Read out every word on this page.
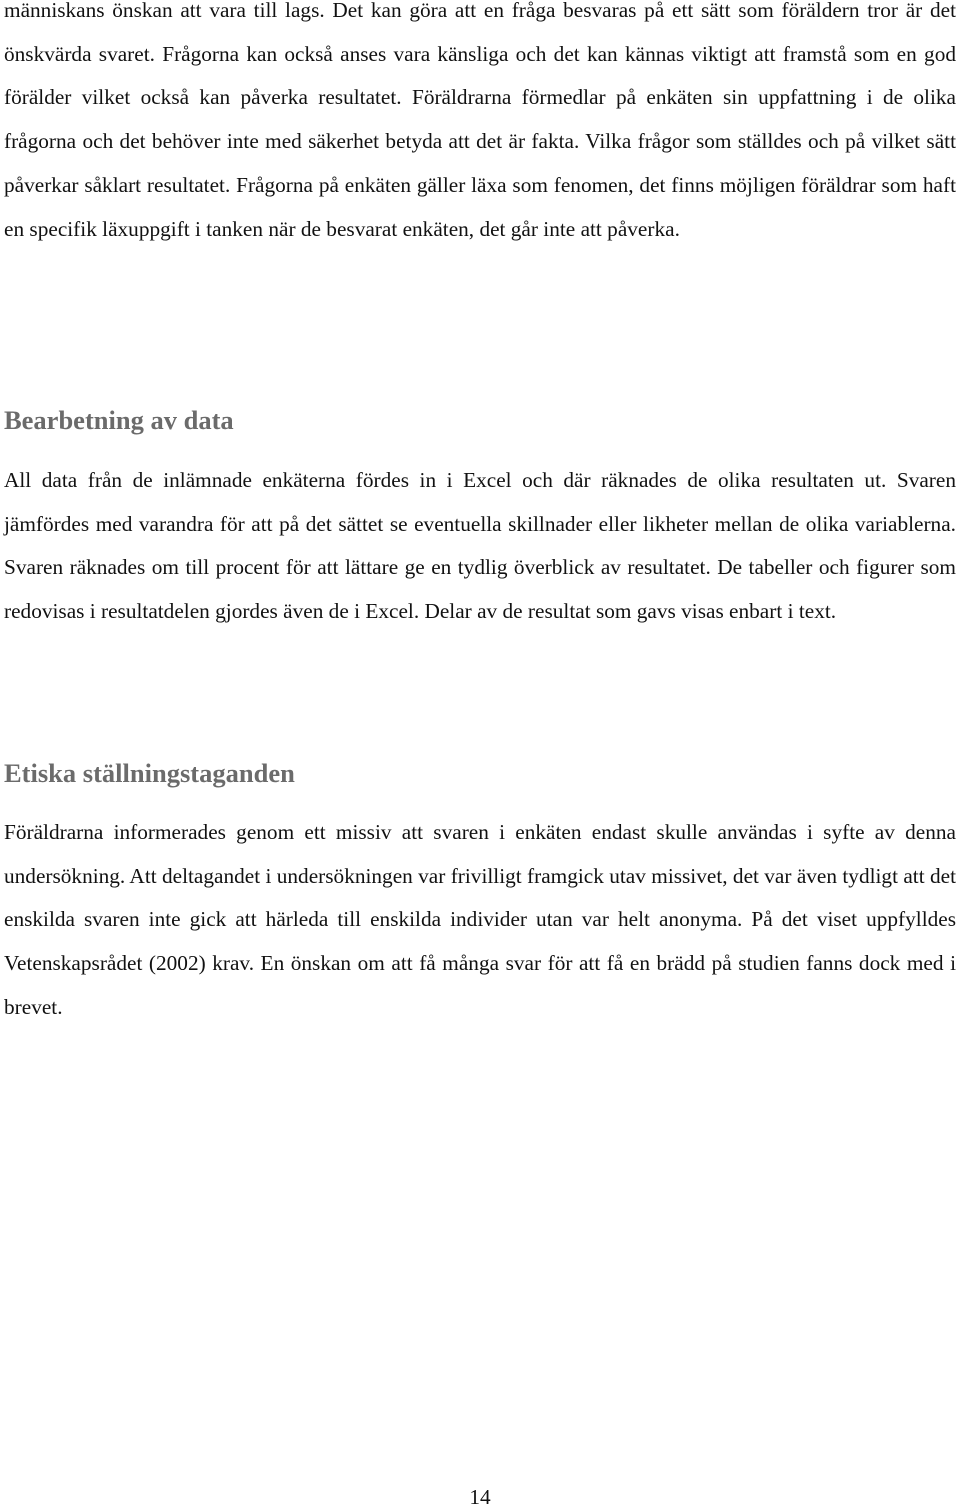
människans önskan att vara till lags. Det kan göra att en fråga besvaras på ett sätt som föräldern tror är det önskvärda svaret. Frågorna kan också anses vara känsliga och det kan kännas viktigt att framstå som en god förälder vilket också kan påverka resultatet. Föräldrarna förmedlar på enkäten sin uppfattning i de olika frågorna och det behöver inte med säkerhet betyda att det är fakta. Vilka frågor som ställdes och på vilket sätt påverkar såklart resultatet. Frågorna på enkäten gäller läxa som fenomen, det finns möjligen föräldrar som haft en specifik läxuppgift i tanken när de besvarat enkäten, det går inte att påverka.

Bearbetning av data

All data från de inlämnade enkäterna fördes in i Excel och där räknades de olika resultaten ut. Svaren jämfördes med varandra för att på det sättet se eventuella skillnader eller likheter mellan de olika variablerna. Svaren räknades om till procent för att lättare ge en tydlig överblick av resultatet. De tabeller och figurer som redovisas i resultatdelen gjordes även de i Excel. Delar av de resultat som gavs visas enbart i text.

Etiska ställningstaganden

Föräldrarna informerades genom ett missiv att svaren i enkäten endast skulle användas i syfte av denna undersökning. Att deltagandet i undersökningen var frivilligt framgick utav missivet, det var även tydligt att det enskilda svaren inte gick att härleda till enskilda individer utan var helt anonyma. På det viset uppfylldes Vetenskapsrådet (2002) krav. En önskan om att få många svar för att få en brädd på studien fanns dock med i brevet.

14
